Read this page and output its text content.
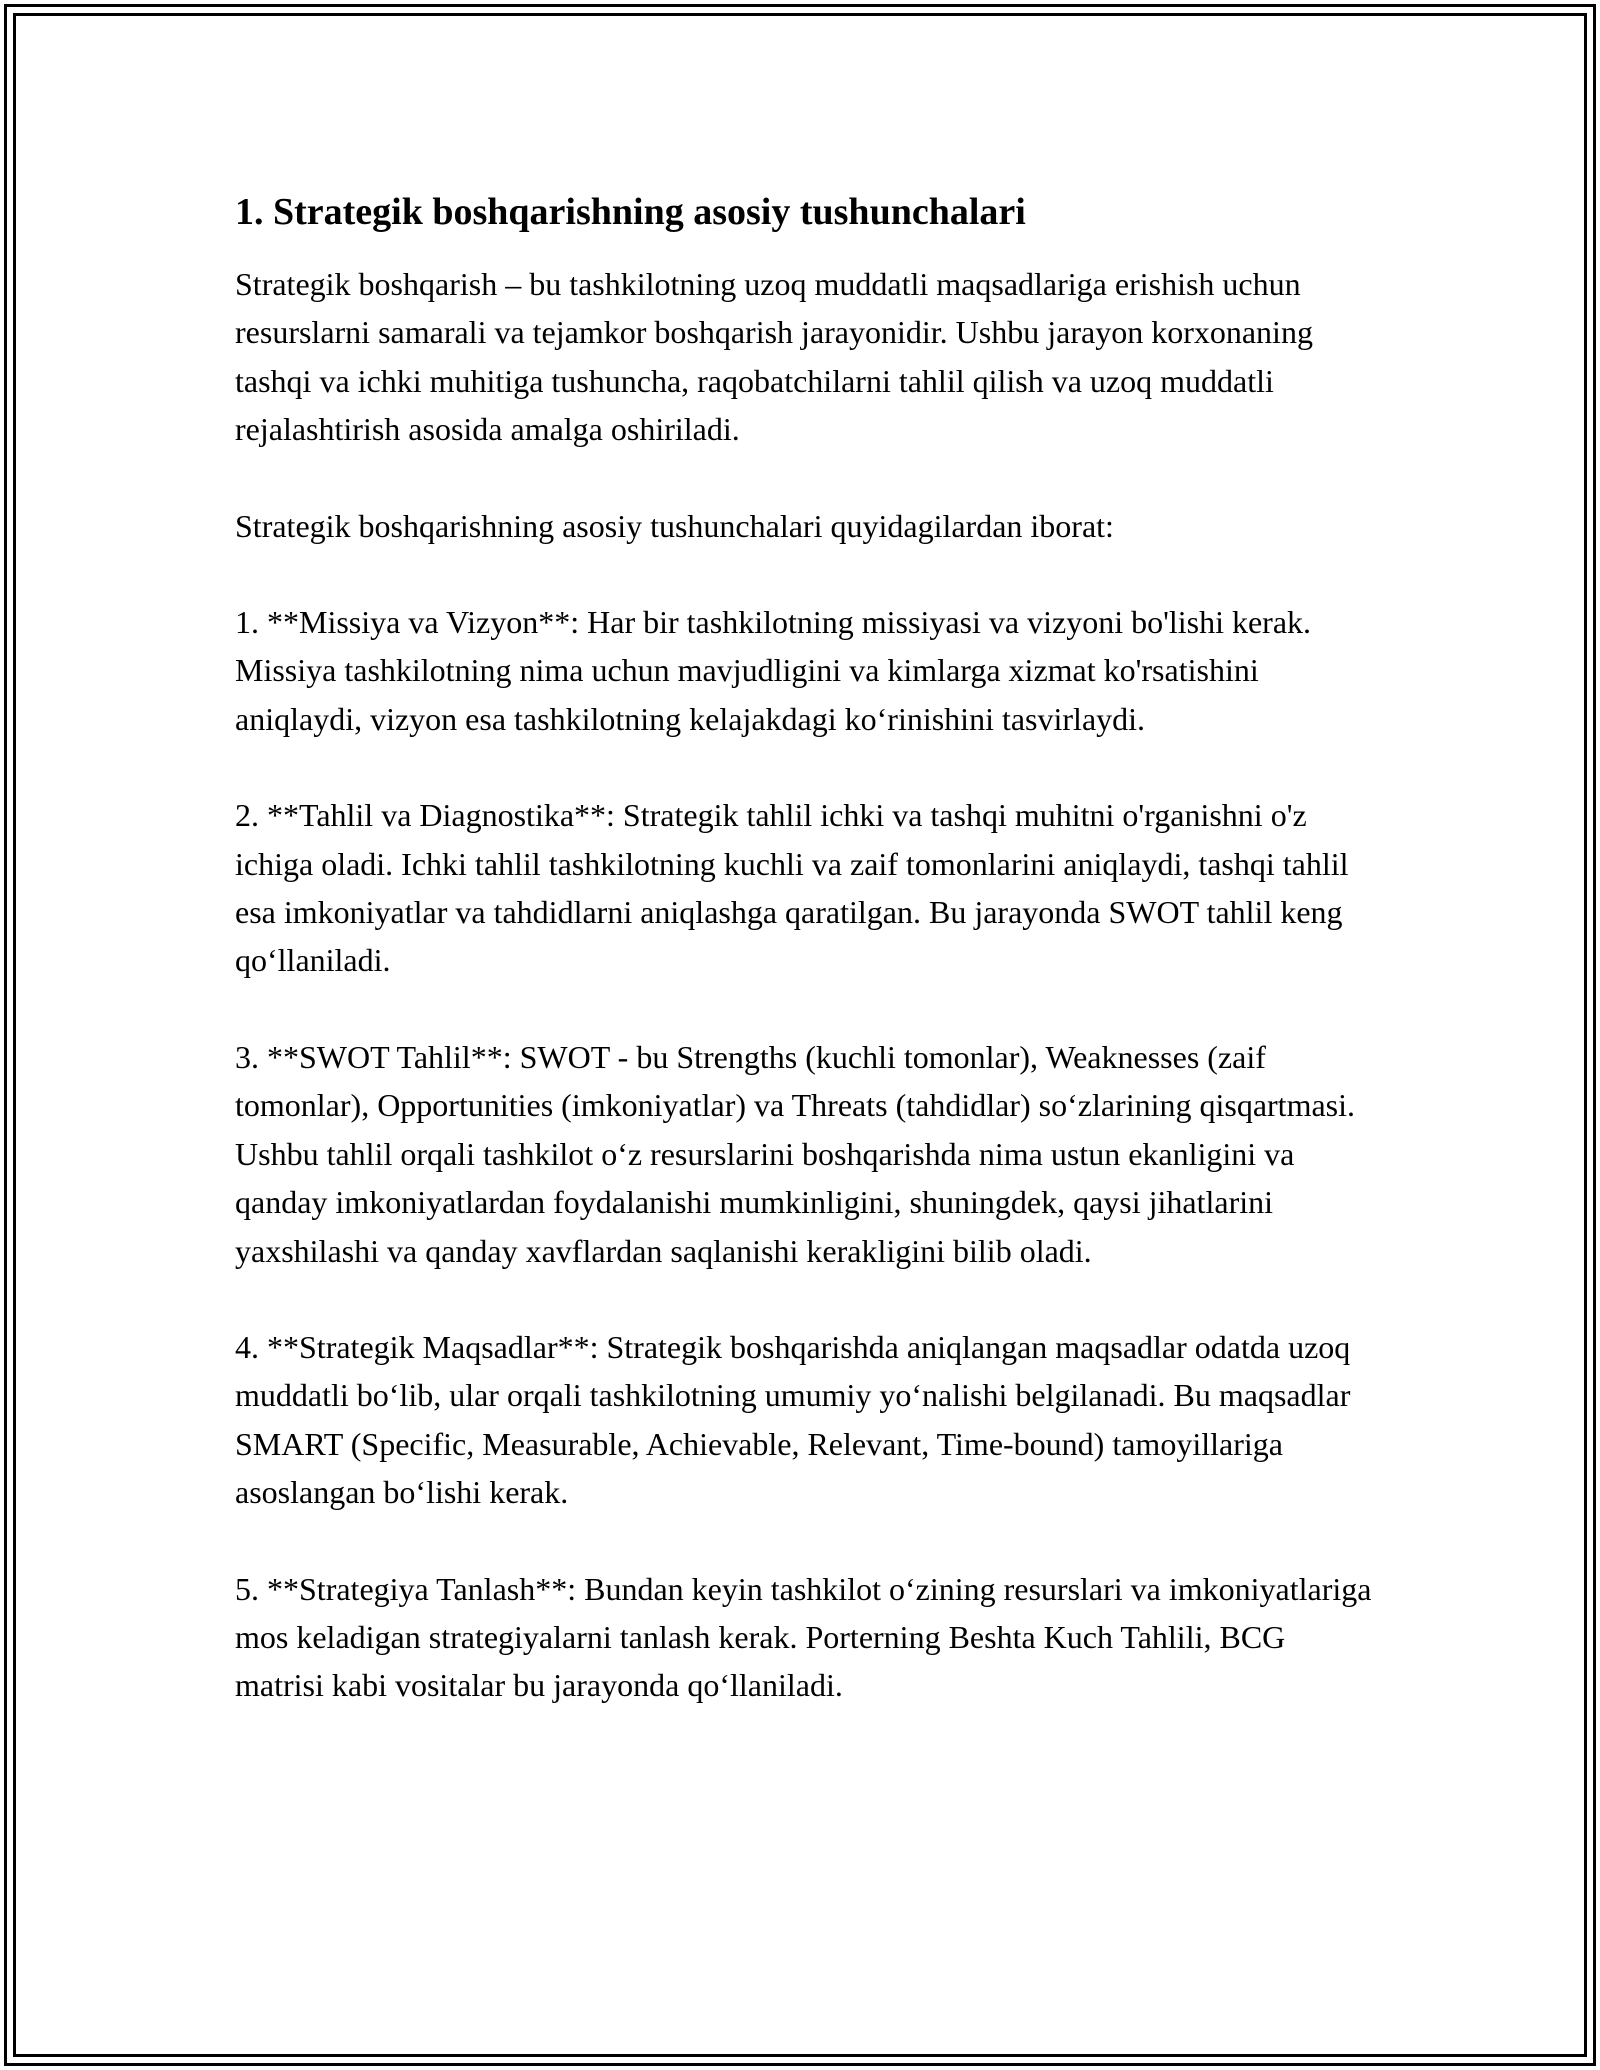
1. Strategik boshqarishning asosiy tushunchalari

Strategik boshqarish – bu tashkilotning uzoq muddatli maqsadlariga erishish uchun resurslarni samarali va tejamkor boshqarish jarayonidir. Ushbu jarayon korxonaning tashqi va ichki muhitiga tushuncha, raqobatchilarni tahlil qilish va uzoq muddatli rejalashtirish asosida amalga oshiriladi.

Strategik boshqarishning asosiy tushunchalari quyidagilardan iborat:

1. **Missiya va Vizyon**: Har bir tashkilotning missiyasi va vizyoni bo'lishi kerak. Missiya tashkilotning nima uchun mavjudligini va kimlarga xizmat ko'rsatishini aniqlaydi, vizyon esa tashkilotning kelajakdagi koʻrinishini tasvirlaydi.

2. **Tahlil va Diagnostika**: Strategik tahlil ichki va tashqi muhitni o'rganishni o'z ichiga oladi. Ichki tahlil tashkilotning kuchli va zaif tomonlarini aniqlaydi, tashqi tahlil esa imkoniyatlar va tahdidlarni aniqlashga qaratilgan. Bu jarayonda SWOT tahlil keng qoʻllaniladi.

3. **SWOT Tahlil**: SWOT - bu Strengths (kuchli tomonlar), Weaknesses (zaif tomonlar), Opportunities (imkoniyatlar) va Threats (tahdidlar) soʻzlarining qisqartmasi. Ushbu tahlil orqali tashkilot oʻz resurslarini boshqarishda nima ustun ekanligini va qanday imkoniyatlardan foydalanishi mumkinligini, shuningdek, qaysi jihatlarini yaxshilashi va qanday xavflardan saqlanishi kerakligini bilib oladi.

4. **Strategik Maqsadlar**: Strategik boshqarishda aniqlangan maqsadlar odatda uzoq muddatli boʻlib, ular orqali tashkilotning umumiy yoʻnalishi belgilanadi. Bu maqsadlar SMART (Specific, Measurable, Achievable, Relevant, Time-bound) tamoyillariga asoslangan boʻlishi kerak.

5. **Strategiya Tanlash**: Bundan keyin tashkilot oʻzining resurslari va imkoniyatlariga mos keladigan strategiyalarni tanlash kerak. Porterning Beshta Kuch Tahlili, BCG matrisi kabi vositalar bu jarayonda qoʻllaniladi.
